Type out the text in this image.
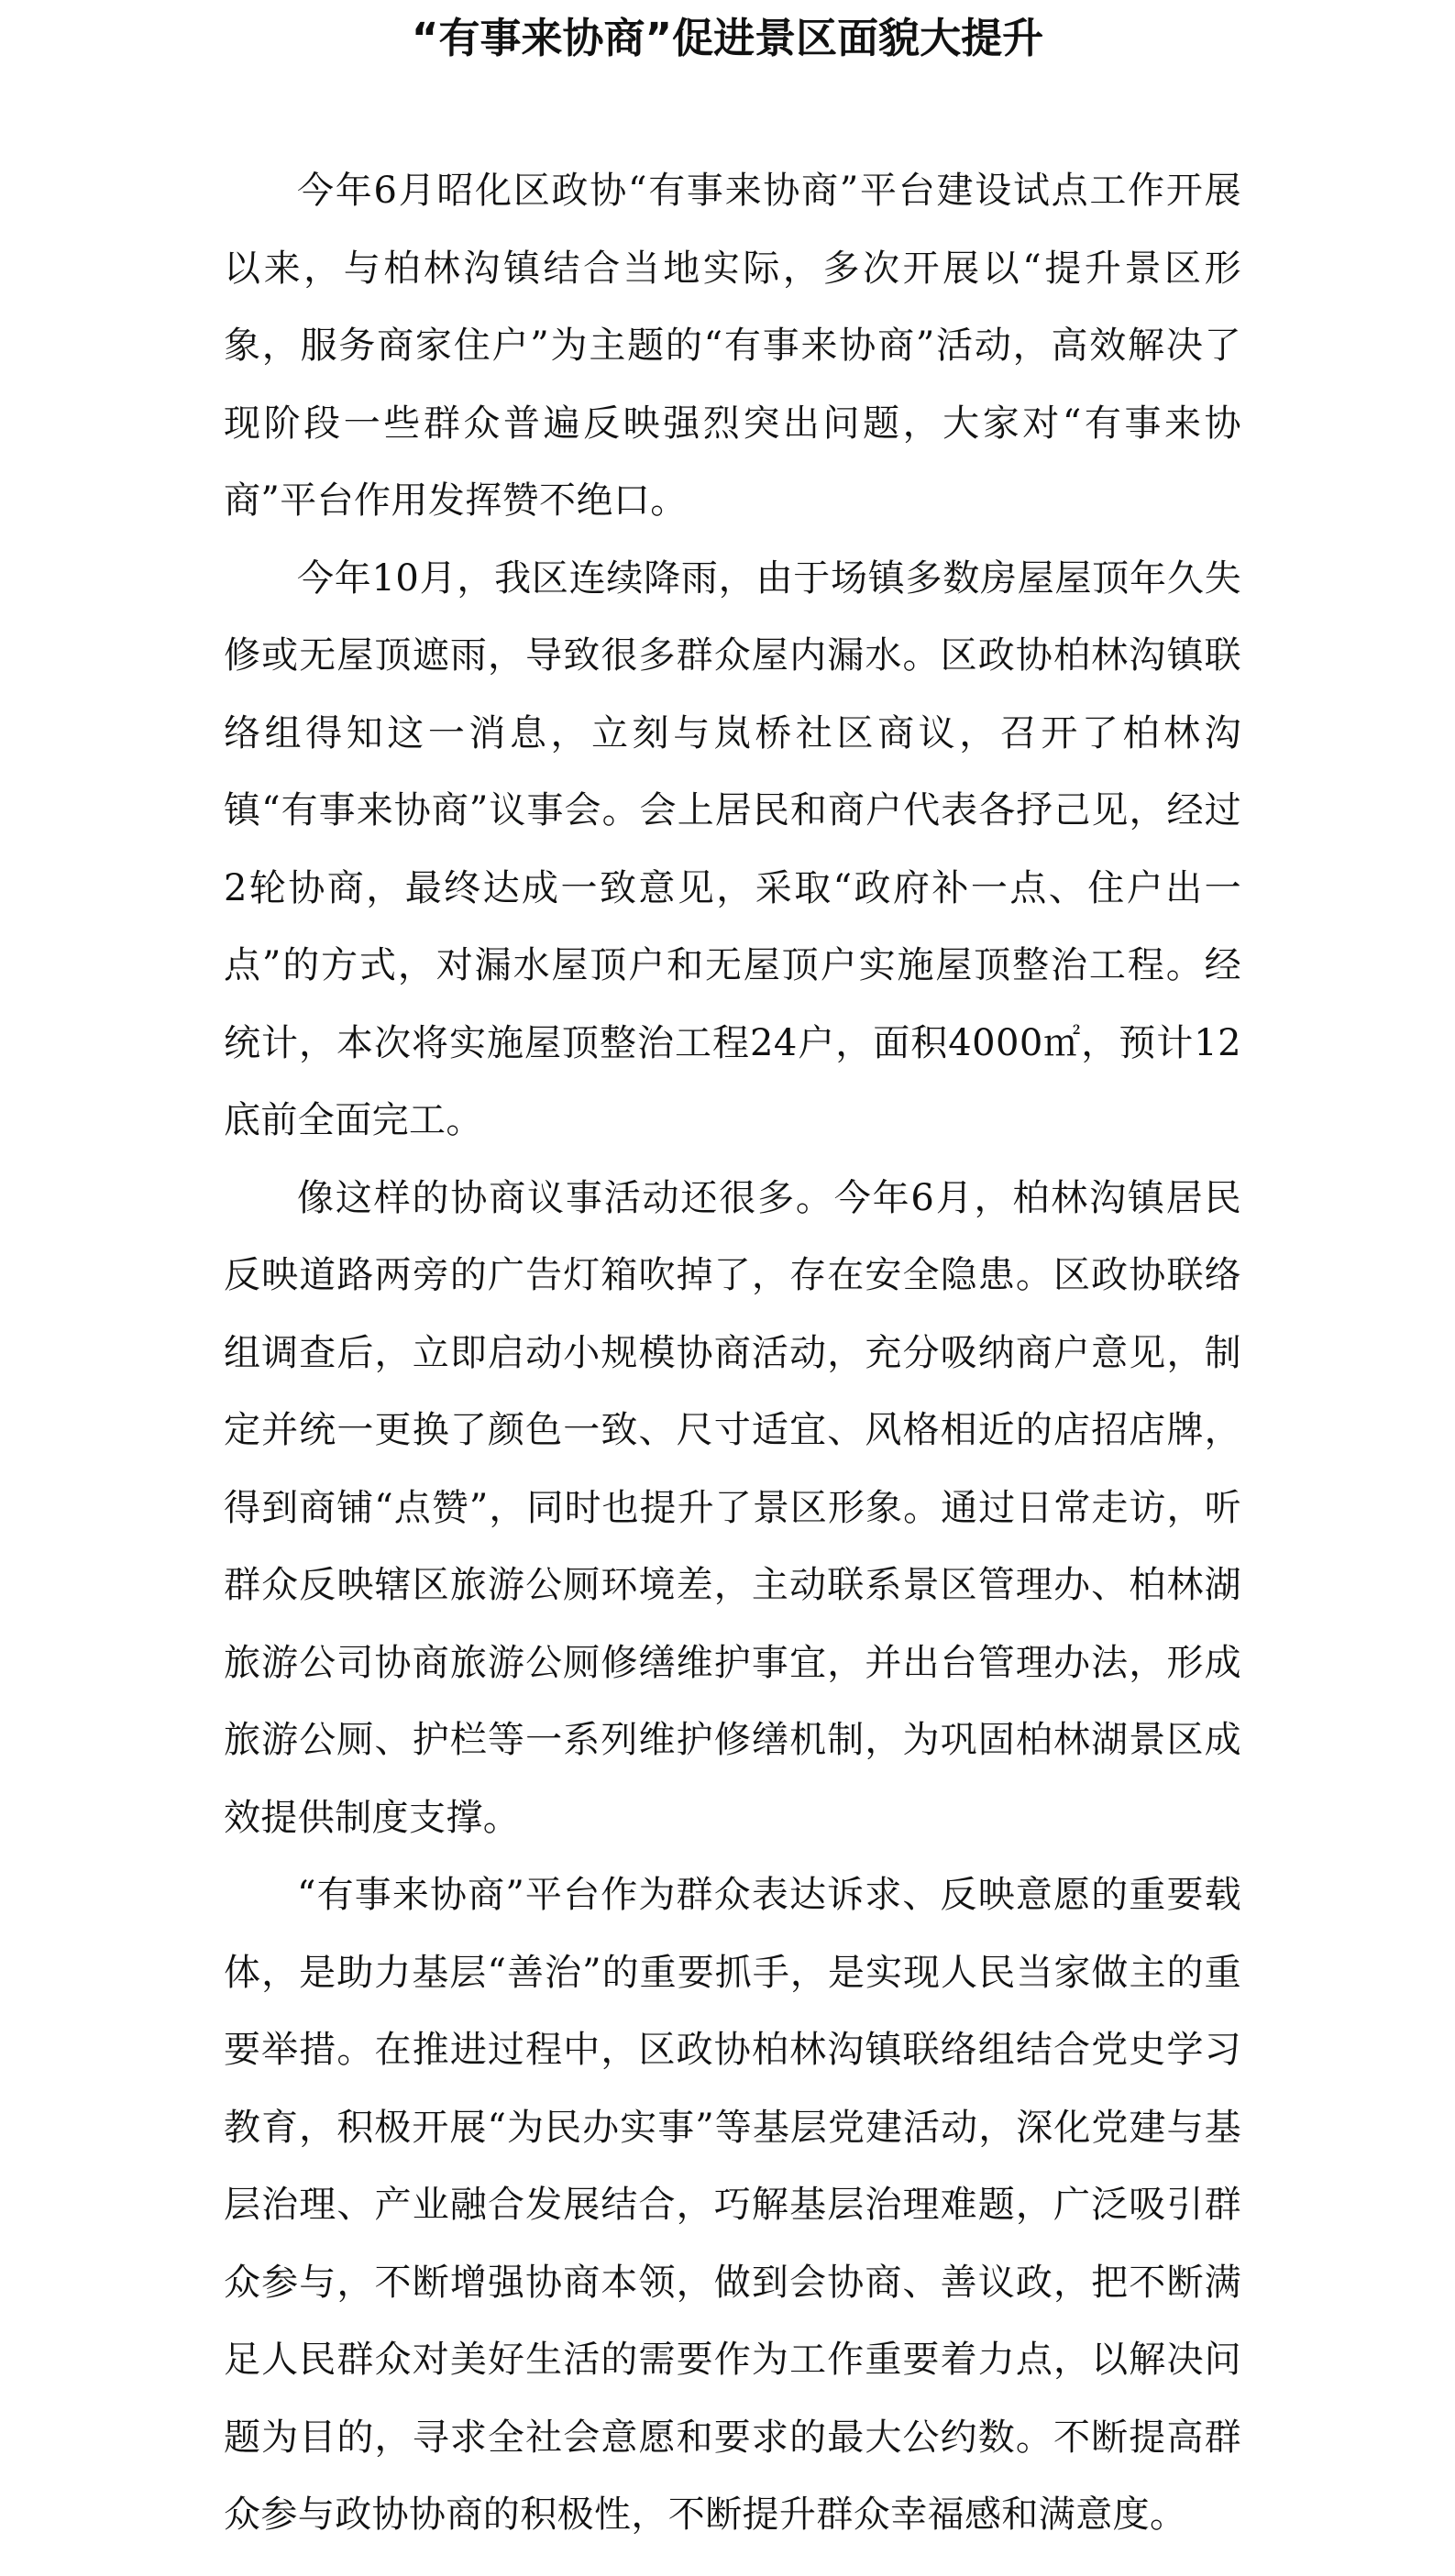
“有事来协商”促进景区面貌大提升

今年6月昭化区政协“有事来协商”平台建设试点工作开展以来，与柏林沟镇结合当地实际，多次开展以“提升景区形象，服务商家住户”为主题的“有事来协商”活动，高效解决了现阶段一些群众普遍反映强烈突出问题，大家对“有事来协商”平台作用发挥赞不绝口。

今年10月，我区连续降雨，由于场镇多数房屋屋顶年久失修或无屋顶遮雨，导致很多群众屋内漏水。区政协柏林沟镇联络组得知这一消息，立刻与岚桥社区商议，召开了柏林沟镇“有事来协商”议事会。会上居民和商户代表各抒己见，经过2轮协商，最终达成一致意见，采取“政府补一点、住户出一点”的方式，对漏水屋顶户和无屋顶户实施屋顶整治工程。经统计，本次将实施屋顶整治工程24户，面积4000㎡，预计12底前全面完工。

像这样的协商议事活动还很多。今年6月，柏林沟镇居民反映道路两旁的广告灯箱吹掉了，存在安全隐患。区政协联络组调查后，立即启动小规模协商活动，充分吸纳商户意见，制定并统一更换了颜色一致、尺寸适宜、风格相近的店招店牌，得到商铺“点赞”，同时也提升了景区形象。通过日常走访，听群众反映辖区旅游公厕环境差，主动联系景区管理办、柏林湖旅游公司协商旅游公厕修缮维护事宜，并出台管理办法，形成旅游公厕、护栏等一系列维护修缮机制，为巩固柏林湖景区成效提供制度支撑。

“有事来协商”平台作为群众表达诉求、反映意愿的重要载体，是助力基层“善治”的重要抓手，是实现人民当家做主的重要举措。在推进过程中，区政协柏林沟镇联络组结合党史学习教育，积极开展“为民办实事”等基层党建活动，深化党建与基层治理、产业融合发展结合，巧解基层治理难题，广泛吸引群众参与，不断增强协商本领，做到会协商、善议政，把不断满足人民群众对美好生活的需要作为工作重要着力点，以解决问题为目的，寻求全社会意愿和要求的最大公约数。不断提高群众参与政协协商的积极性，不断提升群众幸福感和满意度。
